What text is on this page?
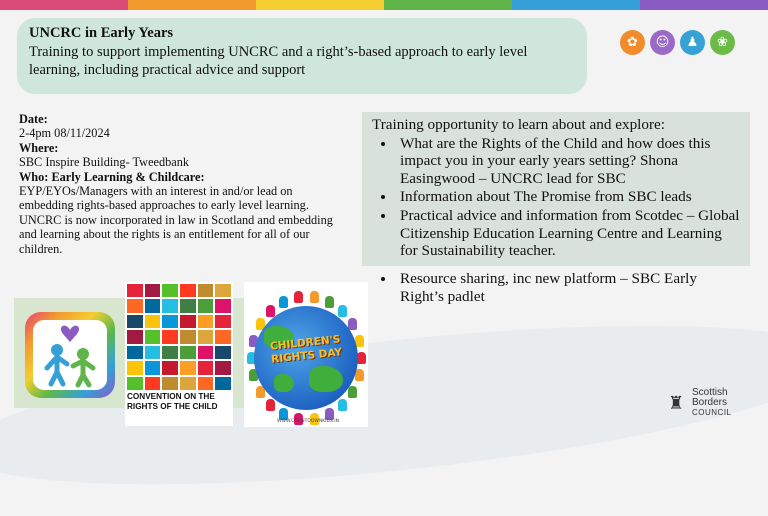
UNCRC in Early Years

Training to support implementing UNCRC and a right’s-based approach to early level learning, including practical advice and support

✿	☺	♟	❀
Date:
2-4pm 08/11/2024
Where:
SBC Inspire Building- Tweedbank
Who: Early Learning & Childcare:
EYP/EYOs/Managers with an interest in and/or lead on embedding rights-based approaches to early level learning.
UNCRC is now incorporated in law in Scotland and embedding and learning about the rights is an entitlement for all of our children.
Training opportunity to learn about and explore:
• What are the Rights of the Child and how does this impact you in your early years setting? Shona Easingwood – UNCRC lead for SBC
• Information about The Promise from SBC leads
• Practical advice and information from Scotdec – Global Citizenship Education Learning Centre and Learning for Sustainability teacher.
• Resource sharing, inc new platform – SBC Early Right’s padlet
CONVENTION ON THE RIGHTS OF THE CHILD
CHILDREN'S RIGHTS DAY
WWW.COUNTDOWNKIDS.IN
♜
Scottish
Borders
COUNCIL
